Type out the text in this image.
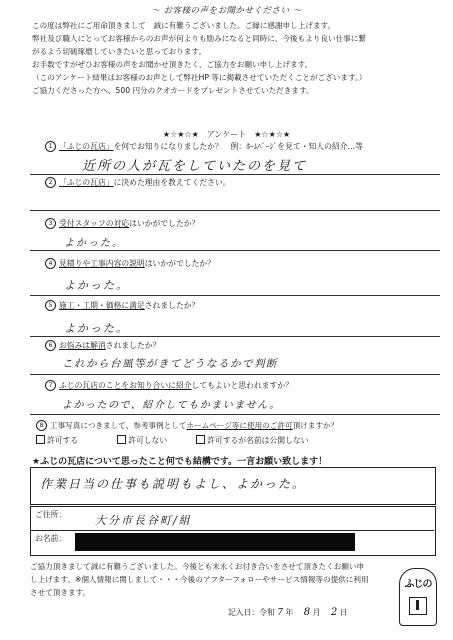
〜 お客様の声をお聞かせください 〜
この度は弊社にご用命頂きまして　誠に有難うございました。ご縁に感謝申し上げます。
弊社及び職人にとってお客様からのお声が何よりも励みになると同時に、今後もより良い仕事に繋
がるよう切磋琢磨していきたいと思っております。
お手数ですがぜひお客様の声をお聞かせ頂きたく、ご協力をお願い申し上げます。
（このアンケート結果はお客様のお声として弊社HP 等に掲載させていただくことがございます。）
ご協力くださった方へ、500 円分のクオカードをプレゼントさせていただきます。
★☆★☆★　アンケート　★☆★☆★
1 「ふじの瓦店」を何でお知りになりましたか？　例：ﾎｰﾑﾍﾟｰｼﾞを見て・知人の紹介…等
近所の人が瓦をしていたのを見て
2 「ふじの瓦店」に決めた理由を教えてください。
3 受付スタッフの対応はいかがでしたか？
よかった。
4 見積りや工事内容の説明はいかがでしたか？
よかった。
5 施工・工期・価格に満足されましたか？
よかった。
6 お悩みは解消されましたか？
これから台風等がきてどうなるかで判断
7 ふじの瓦店のことをお知り合いに紹介してもよいと思われますか？
よかったので、紹介してもかまいません。
8 工事写真につきまして、参考事例としてホームページ等に使用のご許可頂けますか？
許可する	許可しない	許可するが名前は公開しない
★ふじの瓦店について思ったこと何でも結構です。一言お願い致します！
作業日当の仕事も説明もよし、よかった。
ご住所：	大分市長谷町/組
お名前：
ご協力頂きまして誠に有難うございました。今後とも末永くお付き合いをさせて頂きたくお願い申
し上げます。※個人情報に関しまして・・・今後のアフターフォローやサービス情報等の提供に利用
させて頂きます。
記入日：令和 7 年 8 月 2 日
ふじの
